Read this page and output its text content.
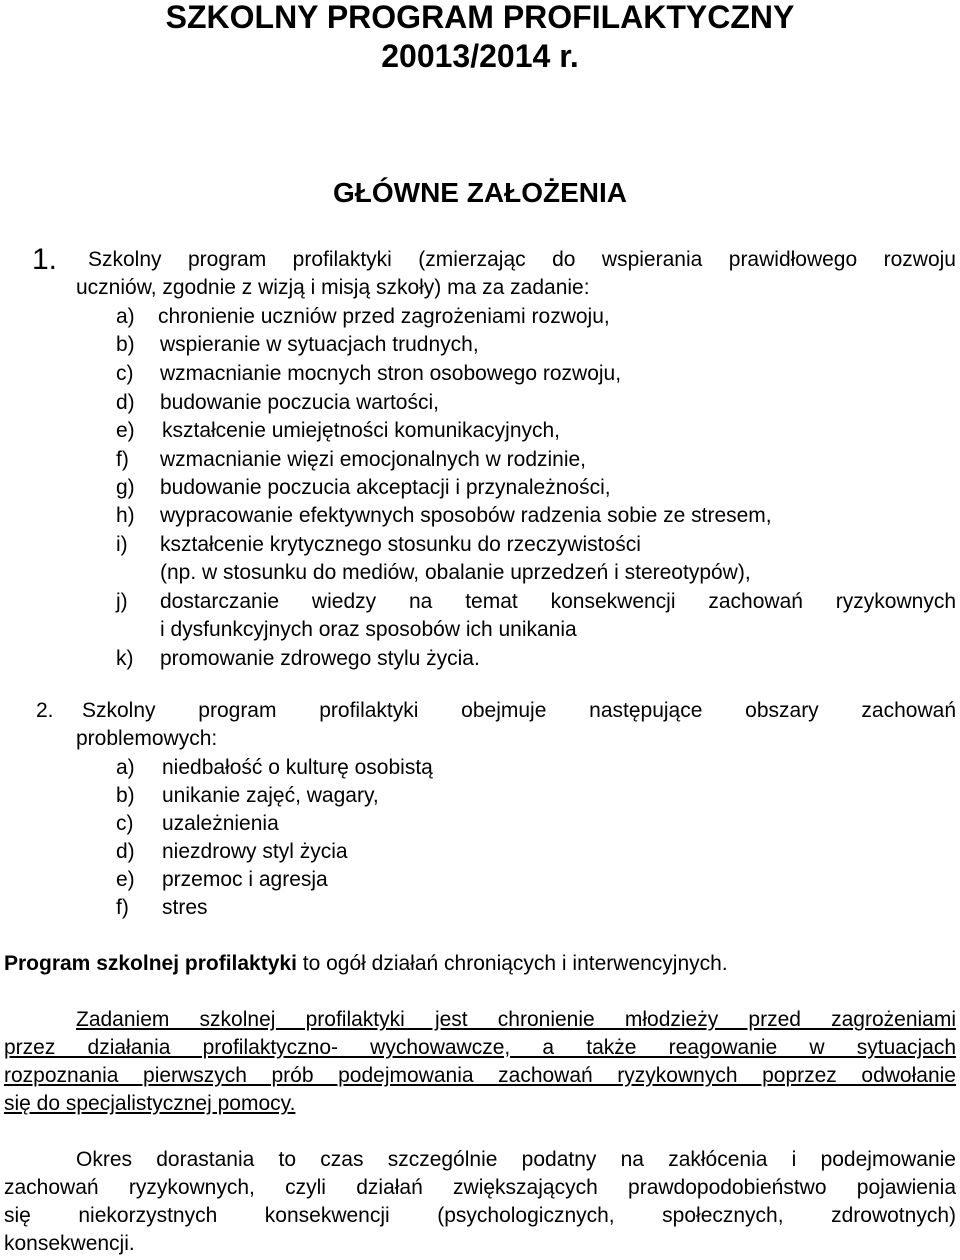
SZKOLNY PROGRAM PROFILAKTYCZNY
20013/2014 r.
GŁÓWNE ZAŁOŻENIA
1. Szkolny program profilaktyki (zmierzając do wspierania prawidłowego rozwoju
uczniów, zgodnie z wizją i misją szkoły) ma za zadanie:
a) chronienie uczniów przed zagrożeniami rozwoju,
b) wspieranie w sytuacjach trudnych,
c) wzmacnianie mocnych stron osobowego rozwoju,
d) budowanie poczucia wartości,
e) kształcenie umiejętności komunikacyjnych,
f) wzmacnianie więzi emocjonalnych w rodzinie,
g) budowanie poczucia akceptacji i przynależności,
h) wypracowanie efektywnych sposobów radzenia sobie ze stresem,
i) kształcenie krytycznego stosunku do rzeczywistości
(np. w stosunku do mediów, obalanie uprzedzeń i stereotypów),
j) dostarczanie wiedzy na temat konsekwencji zachowań ryzykownych
i dysfunkcyjnych oraz sposobów ich unikania
k) promowanie zdrowego stylu życia.
2. Szkolny program profilaktyki obejmuje następujące obszary zachowań
problemowych:
a) niedbałość o kulturę osobistą
b) unikanie zajęć, wagary,
c) uzależnienia
d) niezdrowy styl życia
e) przemoc i agresja
f) stres
Program szkolnej profilaktyki to ogół działań chroniących i interwencyjnych.
Zadaniem szkolnej profilaktyki jest chronienie młodzieży przed zagrożeniami
przez działania profilaktyczno- wychowawcze, a także reagowanie w sytuacjach
rozpoznania pierwszych prób podejmowania zachowań ryzykownych poprzez odwołanie
się do specjalistycznej pomocy.
Okres dorastania to czas szczególnie podatny na zakłócenia i podejmowanie
zachowań ryzykownych, czyli działań zwiększających prawdopodobieństwo pojawienia
się niekorzystnych konsekwencji (psychologicznych, społecznych, zdrowotnych)
konsekwencji.
